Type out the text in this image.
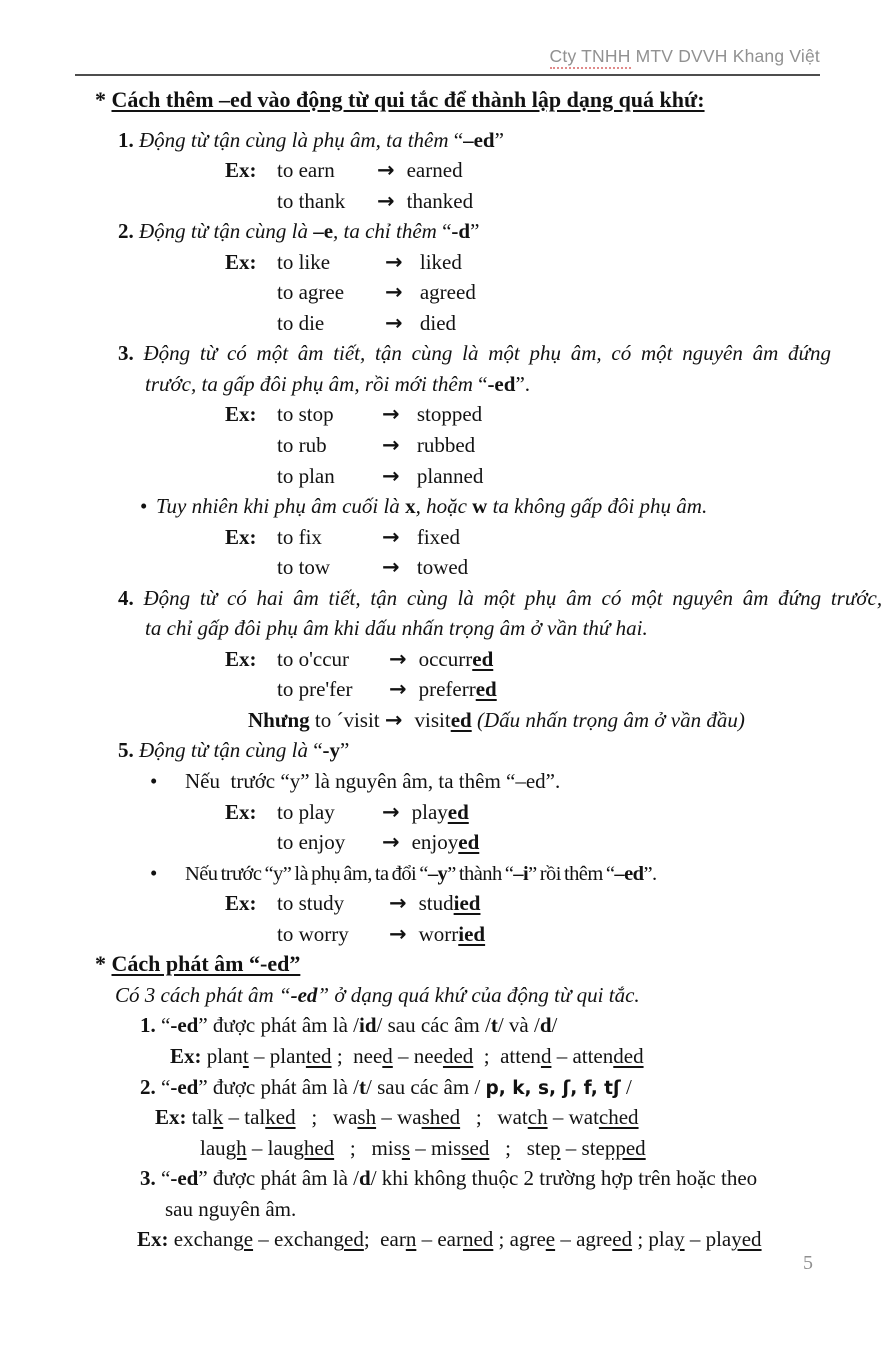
Cty TNHH MTV DVVH Khang Việt
* Cách thêm –ed vào động từ qui tắc để thành lập dạng quá khứ:
1. Động từ tận cùng là phụ âm, ta thêm “–ed”
Ex: to earn → earned
to thank → thanked
2. Động từ tận cùng là –e, ta chỉ thêm “-d”
Ex: to like	→ liked
to agree → agreed
to die	→ died
3. Động từ có một âm tiết, tận cùng là một phụ âm, có một nguyên âm đứng
trước, ta gấp đôi phụ âm, rồi mới thêm “-ed”.
Ex: to stop → stopped
to rub	→ rubbed
to plan → planned
• Tuy nhiên khi phụ âm cuối là x, hoặc w ta không gấp đôi phụ âm.
Ex: to fix	→ fixed
to tow → towed
4. Động từ có hai âm tiết, tận cùng là một phụ âm có một nguyên âm đứng trước,
ta chỉ gấp đôi phụ âm khi dấu nhấn trọng âm ở vần thứ hai.
Ex: to o'ccur → occurred
to pre'fer → preferred
Nhưng to ´visit → visited (Dấu nhấn trọng âm ở vần đầu)
5. Động từ tận cùng là “-y”
• Nếu  trước “y” là nguyên âm, ta thêm “–ed”.
Ex: to play → played
to enjoy → enjoyed
• Nếu trước “y” là phụ âm, ta đổi “–y” thành “–i” rồi thêm “–ed”.
Ex: to study → studied
to worry → worried
* Cách phát âm “-ed”
Có 3 cách phát âm “-ed” ở dạng quá khứ của động từ qui tắc.
1. “-ed” được phát âm là /id/ sau các âm /t/ và /d/
Ex: plant – planted ;  need – needed  ;  attend – attended
2. “-ed” được phát âm là /t/ sau các âm / p, k, s, ʃ, f, tʃ /
Ex: talk – talked   ;   wash – washed   ;   watch – watched
laugh – laughed   ;   miss – missed   ;   step – stepped
3. “-ed” được phát âm là /d/ khi không thuộc 2 trường hợp trên hoặc theo
sau nguyên âm.
Ex: exchange – exchanged;  earn – earned ; agree – agreed ; play – played
5
